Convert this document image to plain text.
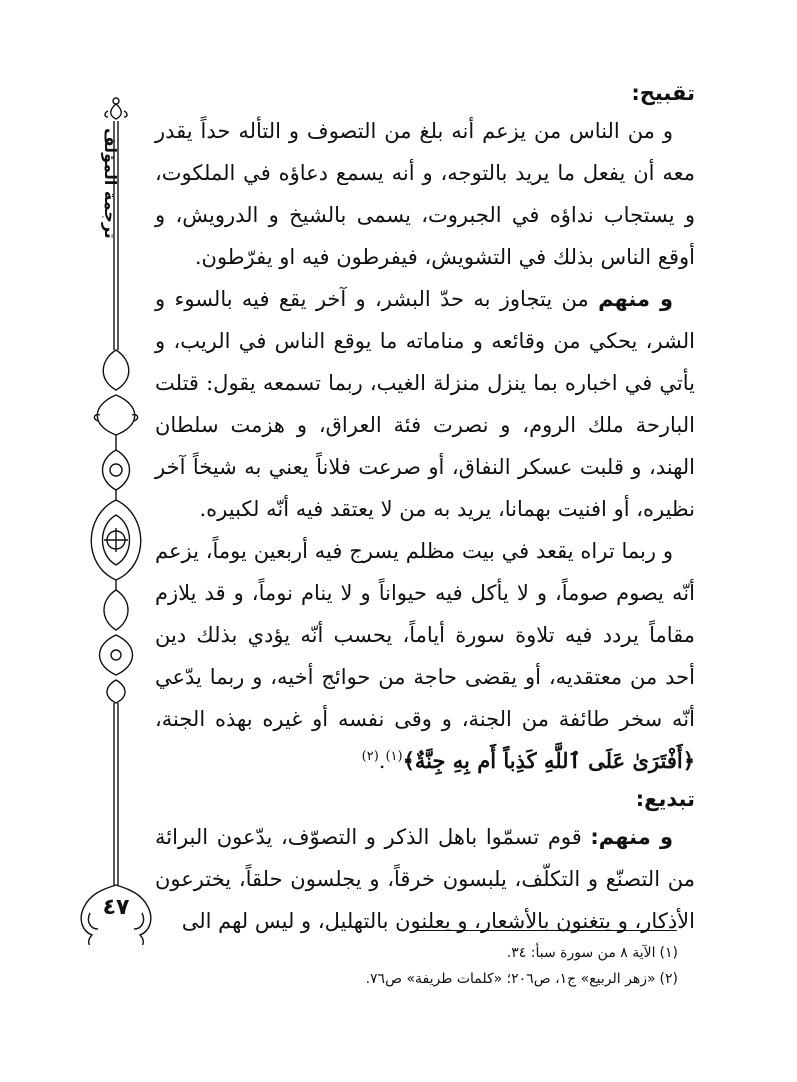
ترجمة المؤلف
٤٧
تقبيح:

و من الناس من يزعم أنه بلغ من التصوف و التأله حداً يقدر معه أن يفعل ما يريد بالتوجه، و أنه يسمع دعاؤه في الملكوت، و يستجاب نداؤه في الجبروت، يسمى بالشيخ و الدرويش، و أوقع الناس بذلك في التشويش، فيفرطون فيه او يفرّطون.

و منهم من يتجاوز به حدّ البشر، و آخر يقع فيه بالسوء و الشر، يحكي من وقائعه و مناماته ما يوقع الناس في الريب، و يأتي في اخباره بما ينزل منزلة الغيب، ربما تسمعه يقول: قتلت البارحة ملك الروم، و نصرت فئة العراق، و هزمت سلطان الهند، و قلبت عسكر النفاق، أو صرعت فلاناً يعني به شيخاً آخر نظيره، أو افنيت بهمانا، يريد به من لا يعتقد فيه أنّه لكبيره.

و ربما تراه يقعد في بيت مظلم يسرج فيه أربعين يوماً، يزعم أنّه يصوم صوماً، و لا يأكل فيه حيواناً و لا ينام نوماً، و قد يلازم مقاماً يردد فيه تلاوة سورة أياماً، يحسب أنّه يؤدي بذلك دين أحد من معتقديه، أو يقضى حاجة من حوائج أخيه، و ربما يدّعي أنّه سخر طائفة من الجنة، و وقى نفسه أو غيره بهذه الجنة، ﴿أَفْتَرَىٰ عَلَى ٱللَّهِ كَذِباً أَم بِهِ جِنَّةٌ﴾$^{(١)}$.$^{(٢)}$

تبديع:

و منهم: قوم تسمّوا باهل الذكر و التصوّف، يدّعون البرائة من التصنّع و التكلّف، يلبسون خرقاً، و يجلسون حلقاً، يخترعون الأذكار، و يتغنون بالأشعار، و يعلنون بالتهليل، و ليس لهم الى

(١)الآية ٨ من سورة سبأ: ٣٤.

(٢)«زهر الربيع» ج١، ص٢٠٦؛ «كلمات طريفة» ص٧٦.
